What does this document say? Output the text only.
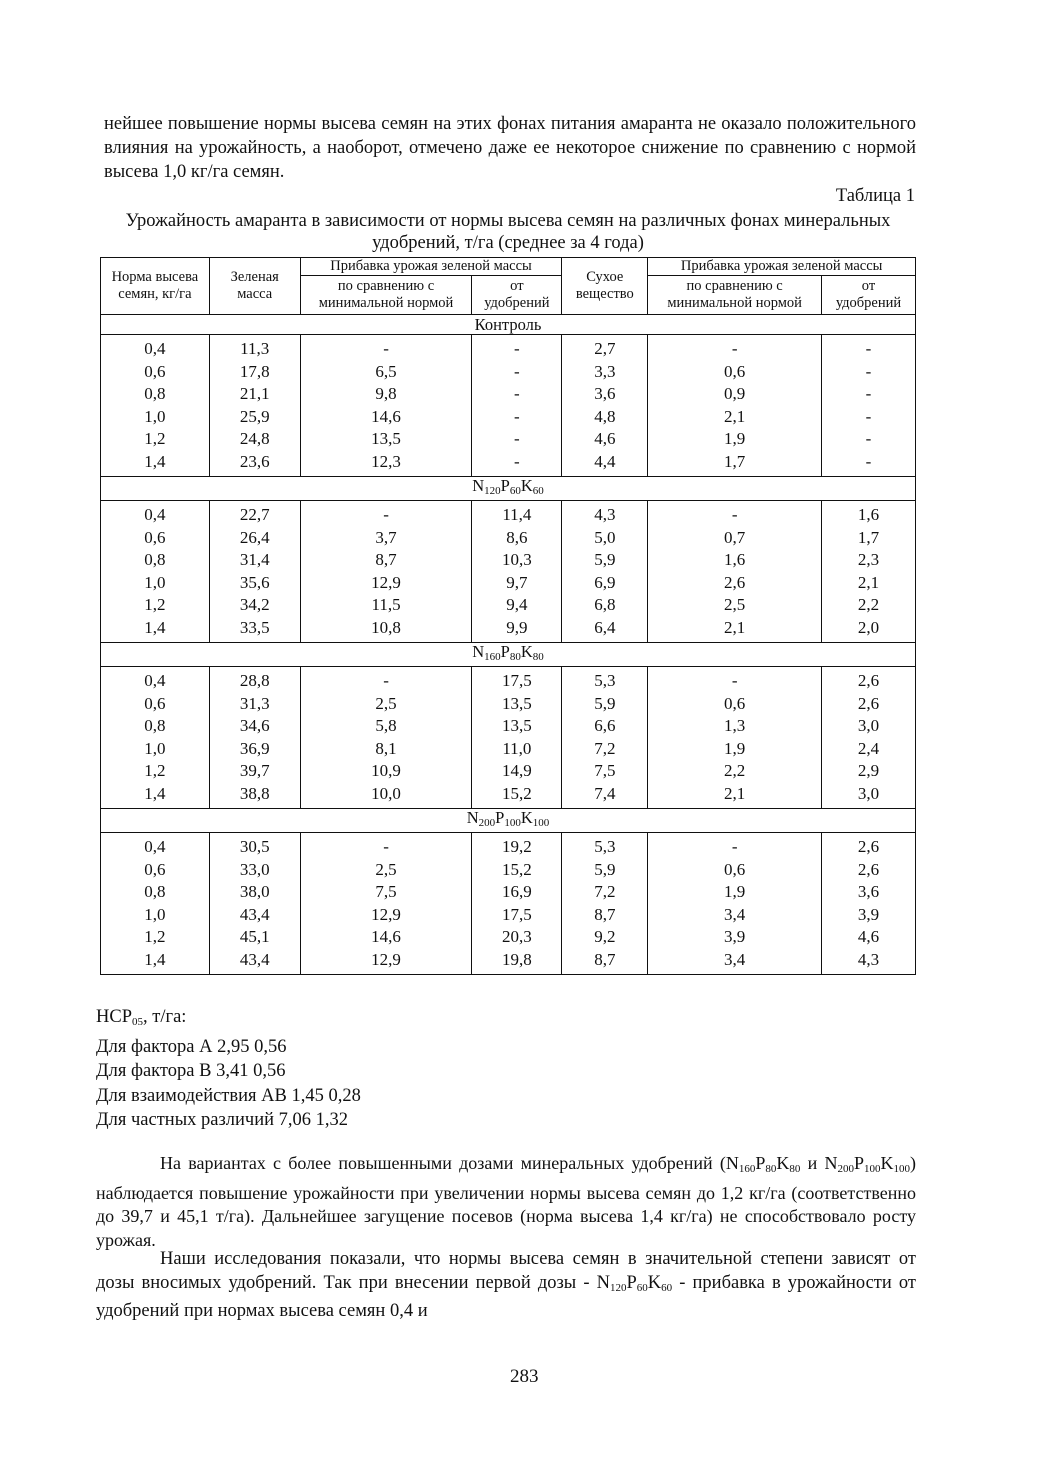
нейшее повышение нормы высева семян на этих фонах питания амаранта не оказало положительного влияния на урожайность, а наоборот, отмечено даже ее некоторое снижение по сравнению с нормой высева 1,0 кг/га семян.

Таблица 1
Урожайность амаранта в зависимости от нормы высева семян на различных фонах минеральных удобрений, т/га (среднее за 4 года)
Норма высева семян, кг/га	Зеленая масса	Прибавка урожая зеленой массы		Сухое вещество	Прибавка урожая зеленой массы	
		по сравнению с минимальной нормой	от удобрений		по сравнению с минимальной нормой	от удобрений
Контроль						
0,4	11,3	-	-	2,7	-	-
0,6	17,8	6,5	-	3,3	0,6	-
0,8	21,1	9,8	-	3,6	0,9	-
1,0	25,9	14,6	-	4,8	2,1	-
1,2	24,8	13,5	-	4,6	1,9	-
1,4	23,6	12,3	-	4,4	1,7	-
$N_{120}P_{60}K_{60}$
0,4	22,7	-	11,4	4,3	-	1,6
0,6	26,4	3,7	8,6	5,0	0,7	1,7
0,8	31,4	8,7	10,3	5,9	1,6	2,3
1,0	35,6	12,9	9,7	6,9	2,6	2,1
1,2	34,2	11,5	9,4	6,8	2,5	2,2
1,4	33,5	10,8	9,9	6,4	2,1	2,0
$N_{160}P_{80}K_{80}$
0,4	28,8	-	17,5	5,3	-	2,6
0,6	31,3	2,5	13,5	5,9	0,6	2,6
0,8	34,6	5,8	13,5	6,6	1,3	3,0
1,0	36,9	8,1	11,0	7,2	1,9	2,4
1,2	39,7	10,9	14,9	7,5	2,2	2,9
1,4	38,8	10,0	15,2	7,4	2,1	3,0
$N_{200}P_{100}K_{100}$
0,4	30,5	-	19,2	5,3	-	2,6
0,6	33,0	2,5	15,2	5,9	0,6	2,6
0,8	38,0	7,5	16,9	7,2	1,9	3,6
1,0	43,4	12,9	17,5	8,7	3,4	3,9
1,2	45,1	14,6	20,3	9,2	3,9	4,6
1,4	43,4	12,9	19,8	8,7	3,4	4,3
$НСР_{05}$, т/га:
Для фактора А 2,95 0,56
Для фактора В 3,41 0,56
Для взаимодействия АВ 1,45 0,28
Для частных различий 7,06 1,32

На вариантах с более повышенными дозами минеральных удобрений ($N_{160}P_{80}K_{80}$ и $N_{200}P_{100}K_{100}$) наблюдается повышение урожайности при увеличении нормы высева семян до 1,2 кг/га (соответственно до 39,7 и 45,1 т/га). Дальнейшее загущение посевов (норма высева 1,4 кг/га) не способствовало росту урожая.

Наши исследования показали, что нормы высева семян в значительной степени зависят от дозы вносимых удобрений. Так при внесении первой дозы - $N_{120}P_{60}K_{60}$ - прибавка в урожайности от удобрений при нормах высева семян 0,4 и

283
